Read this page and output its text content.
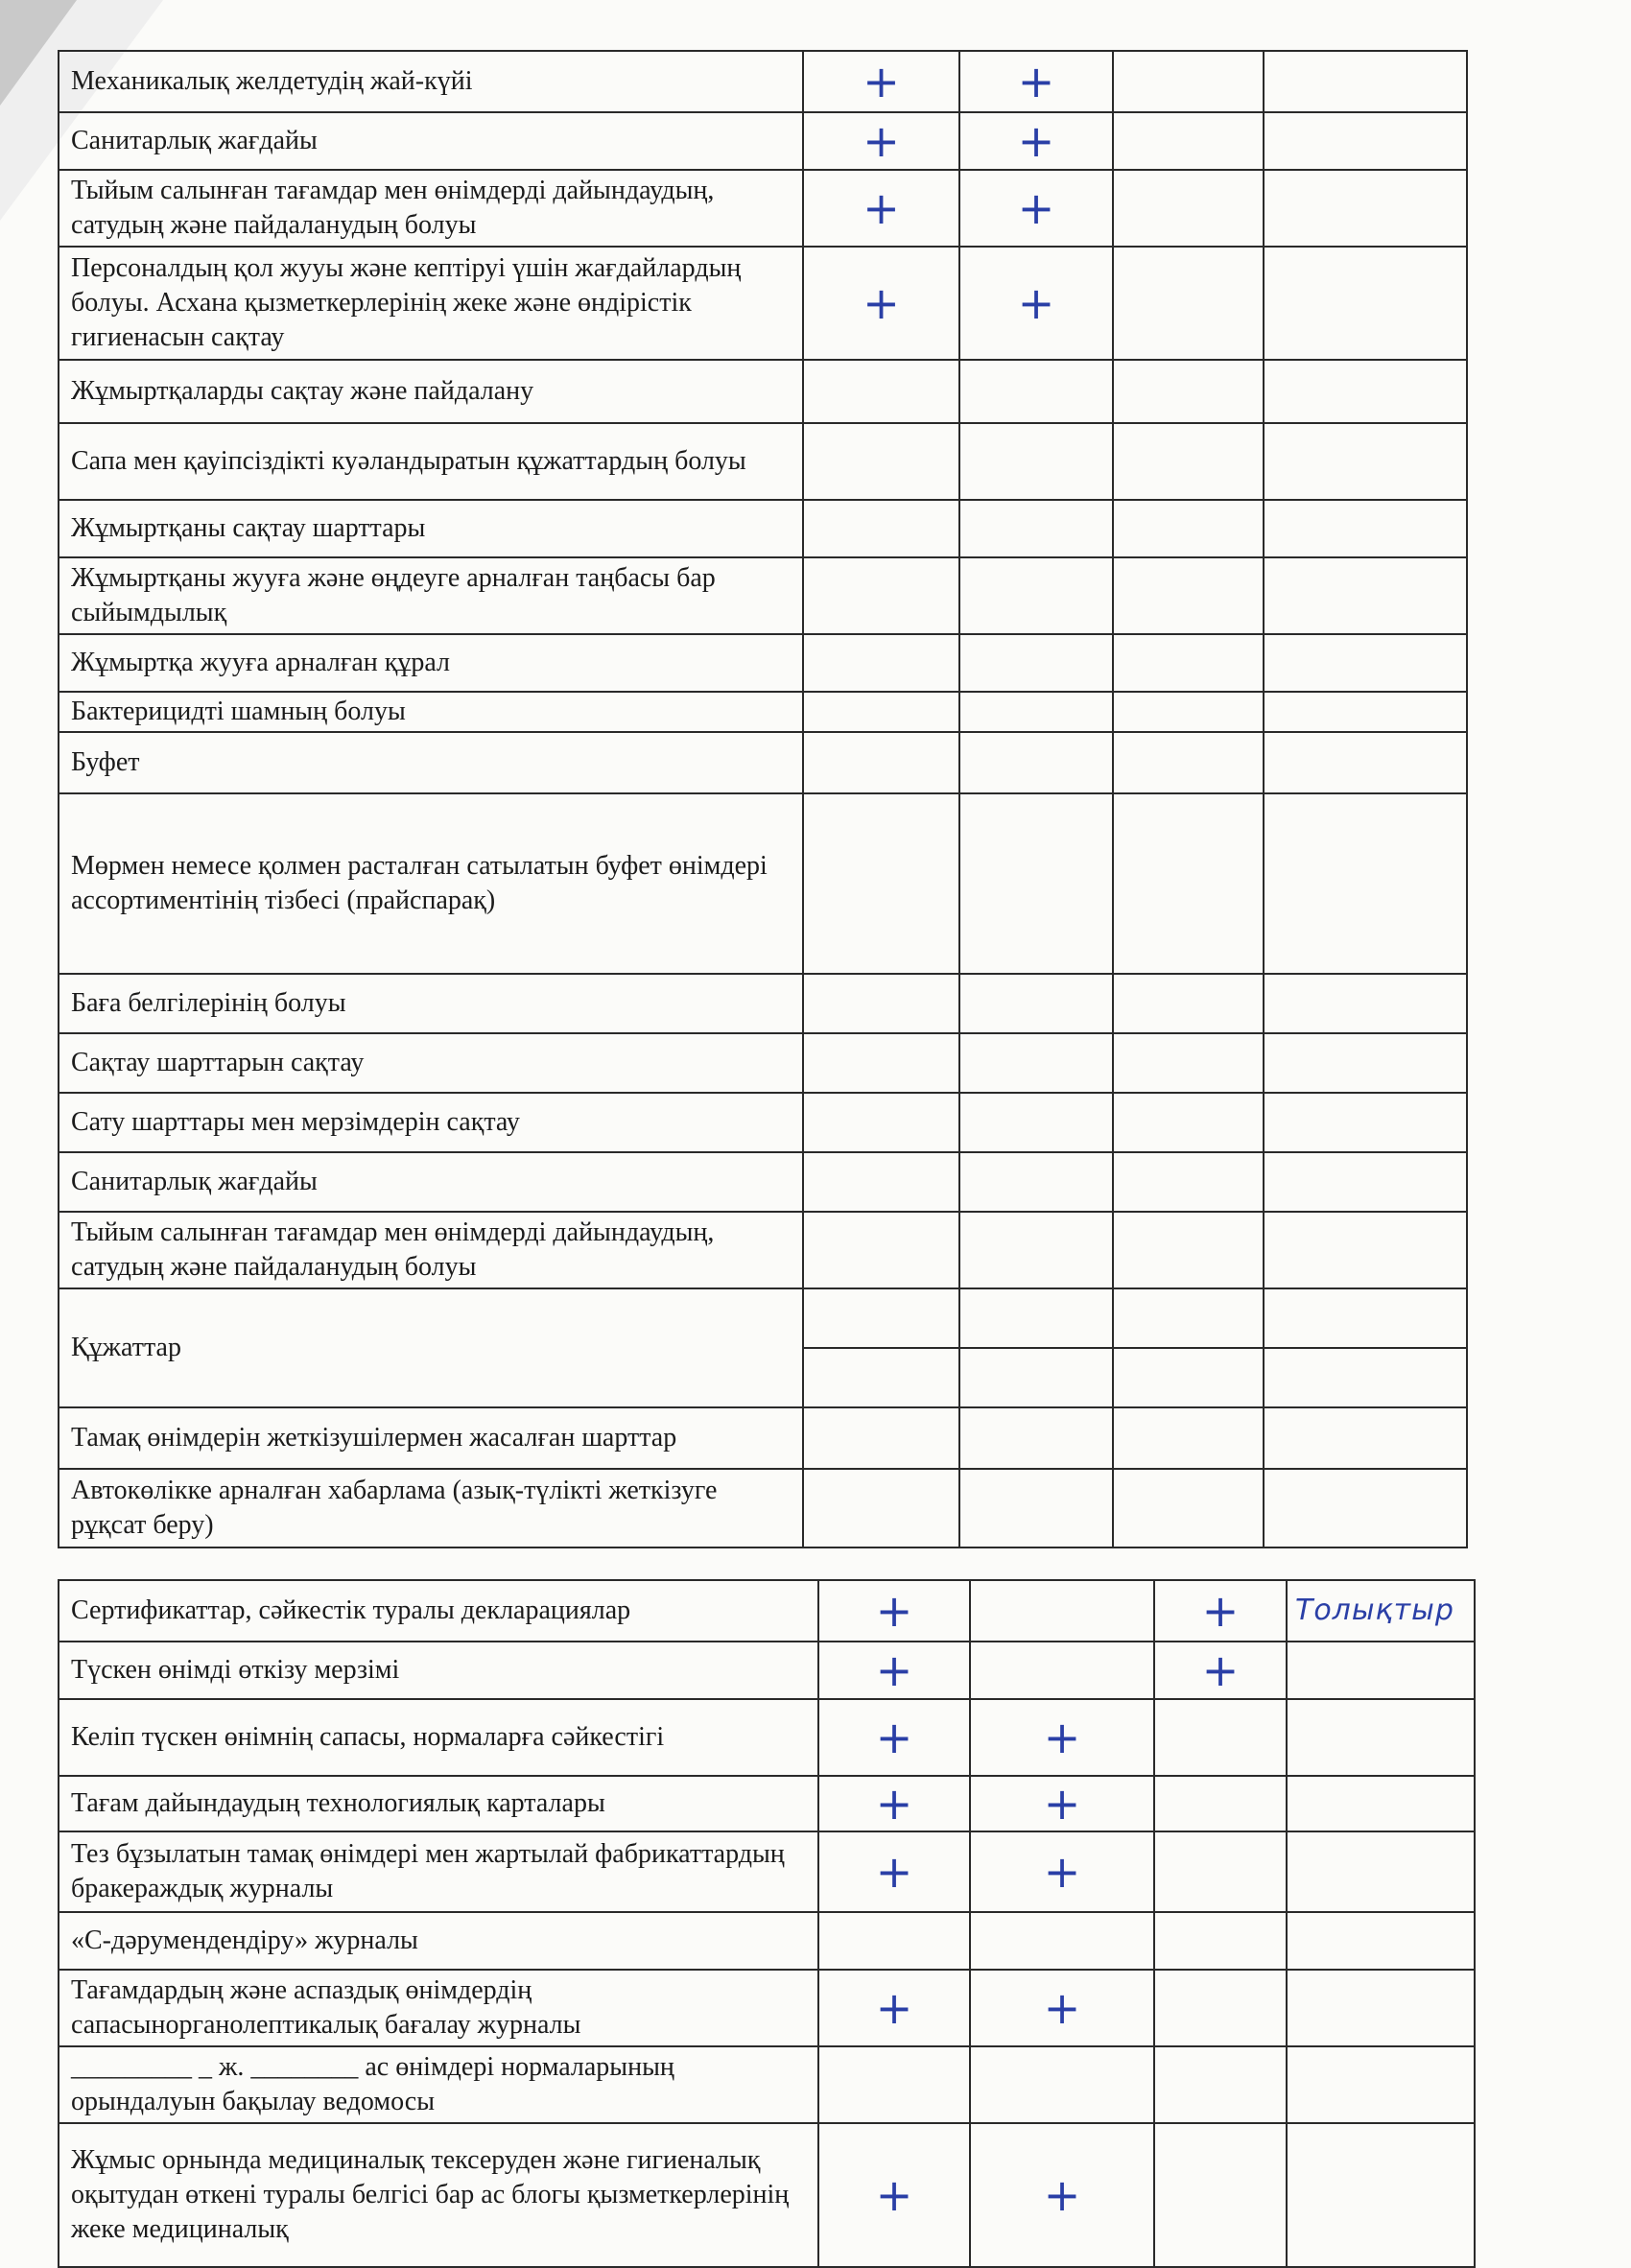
Механикалық желдетудің жай-күйі	+	+		

Санитарлық жағдайы	+	+		

Тыйым салынған тағамдар мен өнімдерді дайындаудың, сатудың және пайдаланудың болуы	+	+		

Персоналдың қол жууы және кептіруі үшін жағдайлардың болуы. Асхана қызметкерлерінің жеке және өндірістік гигиенасын сақтау	+	+		

Жұмыртқаларды сақтау және пайдалану				
Сапа мен қауіпсіздікті куәландыратын құжаттардың болуы				
Жұмыртқаны сақтау шарттары				
Жұмыртқаны жууға және өңдеуге арналған таңбасы бар сыйымдылық				
Жұмыртқа жууға арналған құрал				
Бактерицидті шамның болуы				
Буфет				
Мөрмен немесе қолмен расталған сатылатын буфет өнімдері ассортиментінің тізбесі (прайспарақ)				
Баға белгілерінің болуы				
Сақтау шарттарын сақтау				
Сату шарттары мен мерзімдерін сақтау				
Санитарлық жағдайы				
Тыйым салынған тағамдар мен өнімдерді дайындаудың, сатудың және пайдаланудың болуы				
Құжаттар				

Тамақ өнімдерін жеткізушілермен жасалған шарттар				
Автокөлікке арналған хабарлама (азық-түлікті жеткізуге рұқсат беру)				
Сертификаттар, сәйкестік туралы декларациялар	+		+	Толықтыр

Түскен өнімді өткізу мерзімі	+		+	

Келіп түскен өнімнің сапасы, нормаларға сәйкестігі	+	+		

Тағам дайындаудың технологиялық карталары	+	+		

Тез бұзылатын тамақ өнімдері мен жартылай фабрикаттардың бракераждық журналы	+	+		

«С-дәрумендендіру» журналы				
Тағамдардың және аспаздық өнімдердің сапасынорганолептикалық бағалау журналы	+	+		

_________ _ ж. ________ ас өнімдері нормаларының орындалуын бақылау ведомосы				
Жұмыс орнында медициналық тексеруден және гигиеналық оқытудан өткені туралы белгісі бар ас блогы қызметкерлерінің жеке медициналық	+	+		
